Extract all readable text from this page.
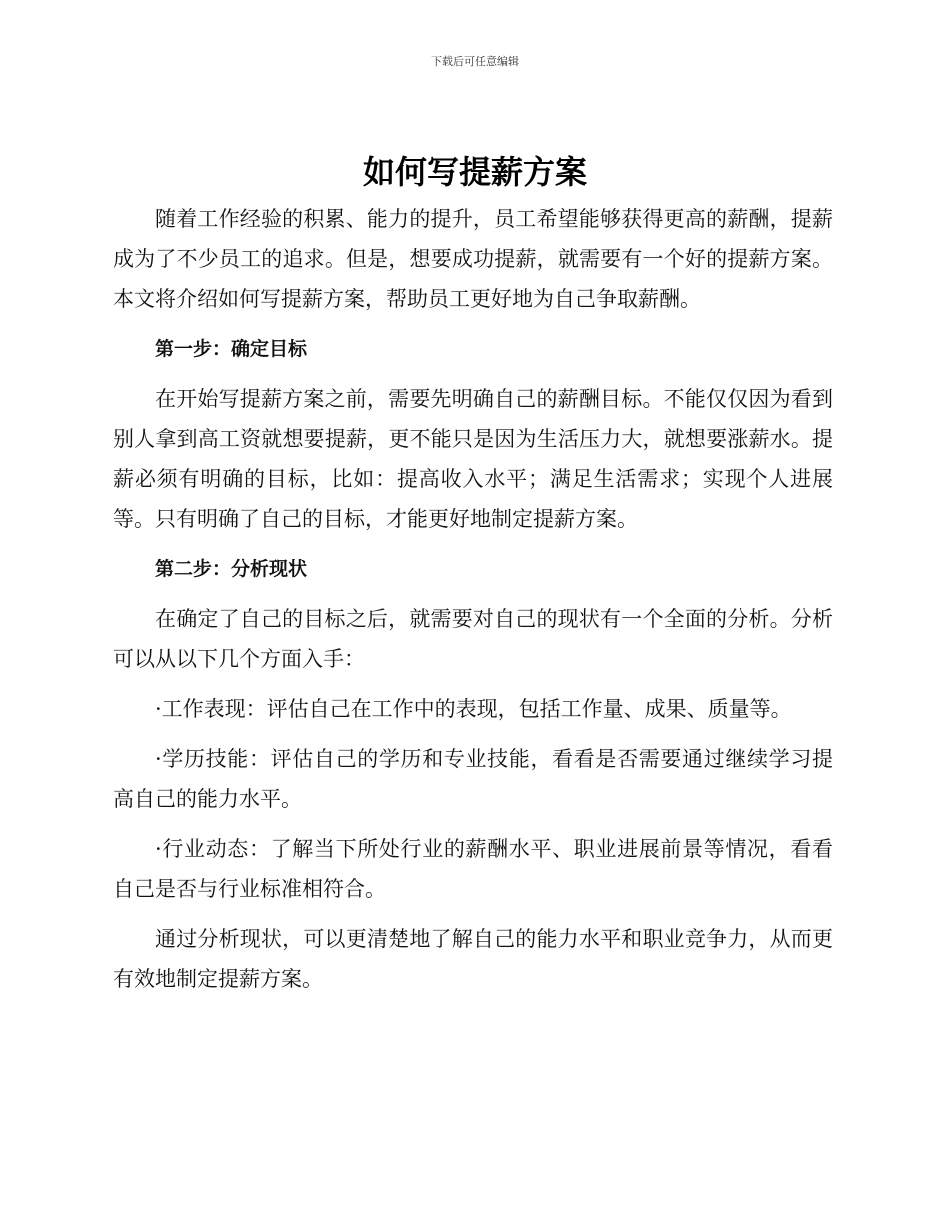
下载后可任意编辑
如何写提薪方案

随着工作经验的积累、能力的提升，员工希望能够获得更高的薪酬，提薪成为了不少员工的追求。但是，想要成功提薪，就需要有一个好的提薪方案。本文将介绍如何写提薪方案，帮助员工更好地为自己争取薪酬。

第一步：确定目标

在开始写提薪方案之前，需要先明确自己的薪酬目标。不能仅仅因为看到别人拿到高工资就想要提薪，更不能只是因为生活压力大，就想要涨薪水。提薪必须有明确的目标，比如：提高收入水平；满足生活需求；实现个人进展等。只有明确了自己的目标，才能更好地制定提薪方案。

第二步：分析现状

在确定了自己的目标之后，就需要对自己的现状有一个全面的分析。分析可以从以下几个方面入手：

·工作表现：评估自己在工作中的表现，包括工作量、成果、质量等。

·学历技能：评估自己的学历和专业技能，看看是否需要通过继续学习提高自己的能力水平。

·行业动态：了解当下所处行业的薪酬水平、职业进展前景等情况，看看自己是否与行业标准相符合。

通过分析现状，可以更清楚地了解自己的能力水平和职业竞争力，从而更有效地制定提薪方案。
